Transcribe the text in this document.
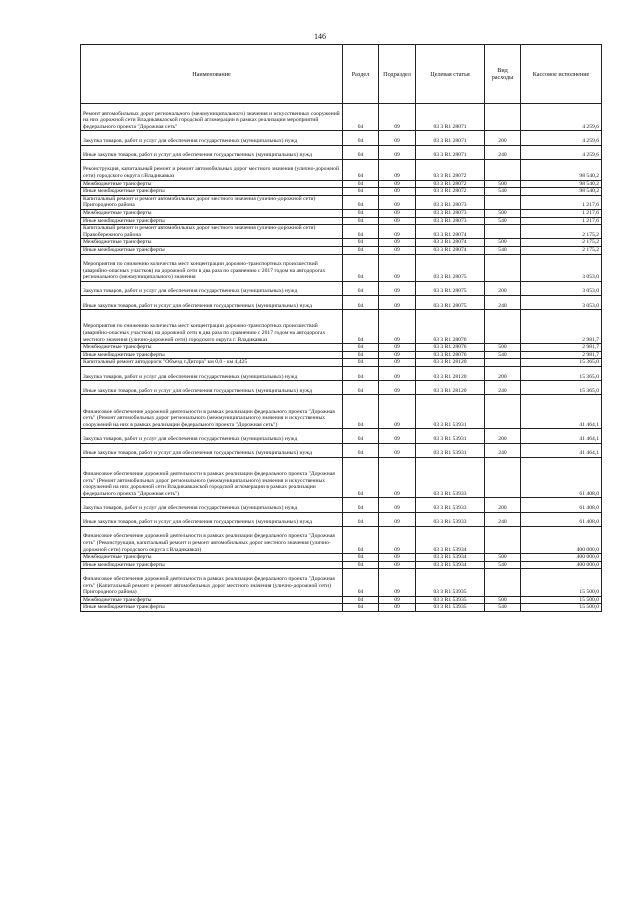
146
Наименование	Раздел	Подраздел	Целевая статья	Вид расходы	Кассовое исполнение
Ремонт автомобильных дорог регионального (межмуниципального) значения и искусственных сооружений на них дорожной сети Владикавказской городской агломерации в рамках реализации мероприятий федерального проекта "Дорожная сеть"	04	09	03 3 R1 28071		4 259,6
Закупка товаров, работ и услуг для обеспечения государственных (муниципальных) нужд	04	09	03 3 R1 28071	200	4 259,6
Иные закупки товаров, работ и услуг для обеспечения государственных (муниципальных) нужд	04	09	03 3 R1 28071	240	4 259,6
Реконструкция, капитальный ремонт и ремонт автомобильных дорог местного значения (улично-дорожной сети) городского округа г.Владикавказ	04	09	03 3 R1 28072		98 540,2
Межбюджетные трансферты	04	09	03 3 R1 28072	500	98 540,2
Иные межбюджетные трансферты	04	09	03 3 R1 28072	540	98 540,2
Капитальный ремонт и ремонт автомобильных дорог местного значения (улично-дорожной сети) Пригородного района	04	09	03 3 R1 28073		1 217,6
Межбюджетные трансферты	04	09	03 3 R1 28073	500	1 217,6
Иные межбюджетные трансферты	04	09	03 3 R1 28073	540	1 217,6
Капитальный ремонт и ремонт автомобильных дорог местного значения (улично-дорожной сети) Правобережного района	04	09	03 3 R1 28074		2 175,2
Межбюджетные трансферты	04	09	03 3 R1 28074	500	2 175,2
Иные межбюджетные трансферты	04	09	03 3 R1 28074	540	2 175,2
Мероприятия по снижению количества мест концентрации дорожно-транспортных происшествий (аварийно-опасных участков) на дорожной сети в два раза по сравнению с 2017 годом на автодорогах регионального (межмуниципального) значения	04	09	03 3 R1 28075		3 053,0
Закупка товаров, работ и услуг для обеспечения государственных (муниципальных) нужд	04	09	03 3 R1 28075	200	3 053,0
Иные закупки товаров, работ и услуг для обеспечения государственных (муниципальных) нужд	04	09	03 3 R1 28075	240	3 053,0
Мероприятия по снижению количества мест концентрации дорожно-транспортных происшествий (аварийно-опасных участков) на дорожной сети в два раза по сравнению с 2017 годом на автодорогах местного значения (улично-дорожной сети) городского округа г. Владикавказ	04	09	03 3 R1 28076		2 981,7
Межбюджетные трансферты	04	09	03 3 R1 28076	500	2 981,7
Иные межбюджетные трансферты	04	09	03 3 R1 28076	540	2 981,7
Капитальный ремонт автодороги "Объезд г.Дигора" км 0,0 - км 4,425	04	09	03 3 R1 28120		15 365,0
Закупка товаров, работ и услуг для обеспечения государственных (муниципальных) нужд	04	09	03 3 R1 28120	200	15 365,0
Иные закупки товаров, работ и услуг для обеспечения государственных (муниципальных) нужд	04	09	03 3 R1 28120	240	15 365,0
Финансовое обеспечение дорожной деятельности в рамках реализации федерального проекта "Дорожная сеть" (Ремонт автомобильных дорог регионального (межмуниципального) значения и искусственных сооружений на них в рамках реализации федерального проекта "Дорожная сеть")	04	09	03 3 R1 53931		41 464,1
Закупка товаров, работ и услуг для обеспечения государственных (муниципальных) нужд	04	09	03 3 R1 53931	200	41 464,1
Иные закупки товаров, работ и услуг для обеспечения государственных (муниципальных) нужд	04	09	03 3 R1 53931	240	41 464,1
Финансовое обеспечение дорожной деятельности в рамках реализации федерального проекта "Дорожная сеть" (Ремонт автомобильных дорог регионального (межмуниципального) значения и искусственных сооружений на них дорожной сети Владикавказской городской агломерации в рамках реализации федерального проекта "Дорожная сеть")	04	09	03 3 R1 53933		61 408,0
Закупка товаров, работ и услуг для обеспечения государственных (муниципальных) нужд	04	09	03 3 R1 53933	200	61 408,0
Иные закупки товаров, работ и услуг для обеспечения государственных (муниципальных) нужд	04	09	03 3 R1 53933	240	61 408,0
Финансовое обеспечение дорожной деятельности в рамках реализации федерального проекта "Дорожная сеть" (Реконструкция, капитальный ремонт и ремонт автомобильных дорог местного значения (улично-дорожной сети) городского округа г.Владикавказ)	04	09	03 3 R1 53934		400 000,0
Межбюджетные трансферты	04	09	03 3 R1 53934	500	400 000,0
Иные межбюджетные трансферты	04	09	03 3 R1 53934	540	400 000,0
Финансовое обеспечение дорожной деятельности в рамках реализации федерального проекта "Дорожная сеть" (Капитальный ремонт и ремонт автомобильных дорог местного значения (улично-дорожной сети) Пригородного района)	04	09	03 3 R1 53935		15 500,0
Межбюджетные трансферты	04	09	03 3 R1 53935	500	15 500,0
Иные межбюджетные трансферты	04	09	03 3 R1 53935	540	15 500,0
